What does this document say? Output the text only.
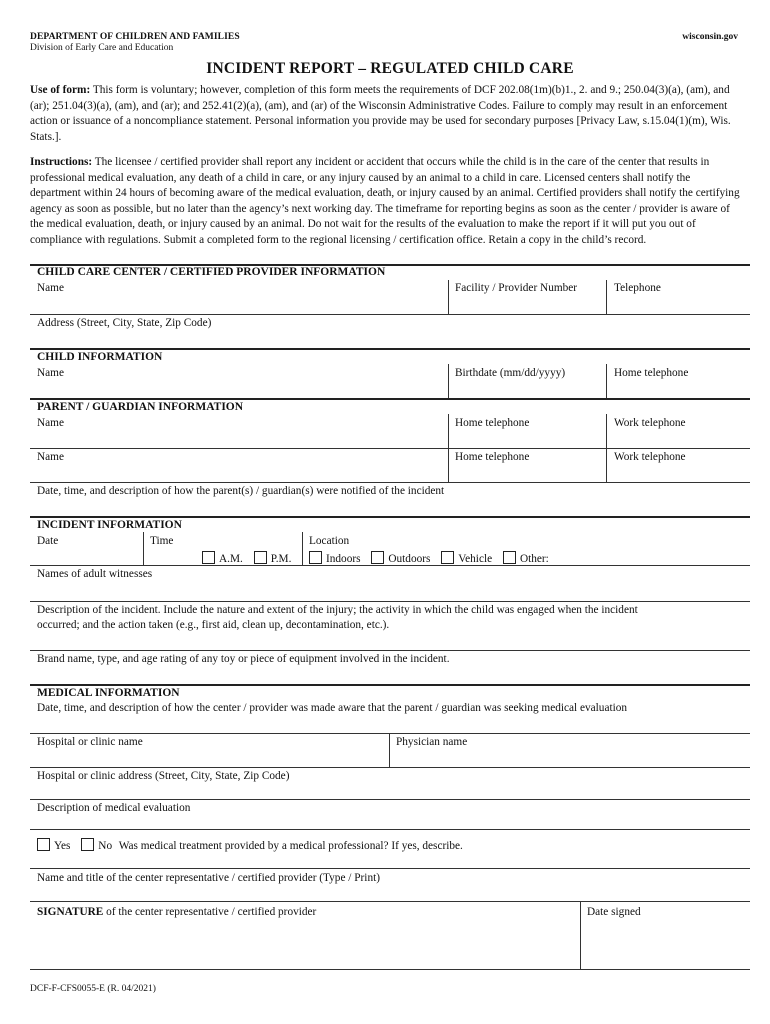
DEPARTMENT OF CHILDREN AND FAMILIES
Division of Early Care and Education
wisconsin.gov
INCIDENT REPORT – REGULATED CHILD CARE
Use of form: This form is voluntary; however, completion of this form meets the requirements of DCF 202.08(1m)(b)1., 2. and 9.; 250.04(3)(a), (am), and (ar); 251.04(3)(a), (am), and (ar); and 252.41(2)(a), (am), and (ar) of the Wisconsin Administrative Codes. Failure to comply may result in an enforcement action or issuance of a noncompliance statement. Personal information you provide may be used for secondary purposes [Privacy Law, s.15.04(1)(m), Wis. Stats.].
Instructions: The licensee / certified provider shall report any incident or accident that occurs while the child is in the care of the center that results in professional medical evaluation, any death of a child in care, or any injury caused by an animal to a child in care. Licensed centers shall notify the department within 24 hours of becoming aware of the medical evaluation, death, or injury caused by an animal. Certified providers shall notify the certifying agency as soon as possible, but no later than the agency’s next working day. The timeframe for reporting begins as soon as the center / provider is aware of the medical evaluation, death, or injury caused by an animal. Do not wait for the results of the evaluation to make the report if it will put you out of compliance with regulations. Submit a completed form to the regional licensing / certification office. Retain a copy in the child’s record.
CHILD CARE CENTER / CERTIFIED PROVIDER INFORMATION
Name	Facility / Provider Number	Telephone
Address (Street, City, State, Zip Code)
CHILD INFORMATION
Name	Birthdate (mm/dd/yyyy)	Home telephone
PARENT / GUARDIAN INFORMATION
Name	Home telephone	Work telephone
Name	Home telephone	Work telephone
Date, time, and description of how the parent(s) / guardian(s) were notified of the incident
INCIDENT INFORMATION
Date	Time
A.M. P.M.
Location
Indoors Outdoors Vehicle Other:
Names of adult witnesses
Description of the incident. Include the nature and extent of the injury; the activity in which the child was engaged when the incident
occurred; and the action taken (e.g., first aid, clean up, decontamination, etc.).
Brand name, type, and age rating of any toy or piece of equipment involved in the incident.
MEDICAL INFORMATION
Date, time, and description of how the center / provider was made aware that the parent / guardian was seeking medical evaluation
Hospital or clinic name	Physician name
Hospital or clinic address (Street, City, State, Zip Code)
Description of medical evaluation
Yes No Was medical treatment provided by a medical professional? If yes, describe.
Name and title of the center representative / certified provider (Type / Print)
SIGNATURE of the center representative / certified provider	Date signed
DCF-F-CFS0055-E (R. 04/2021)
